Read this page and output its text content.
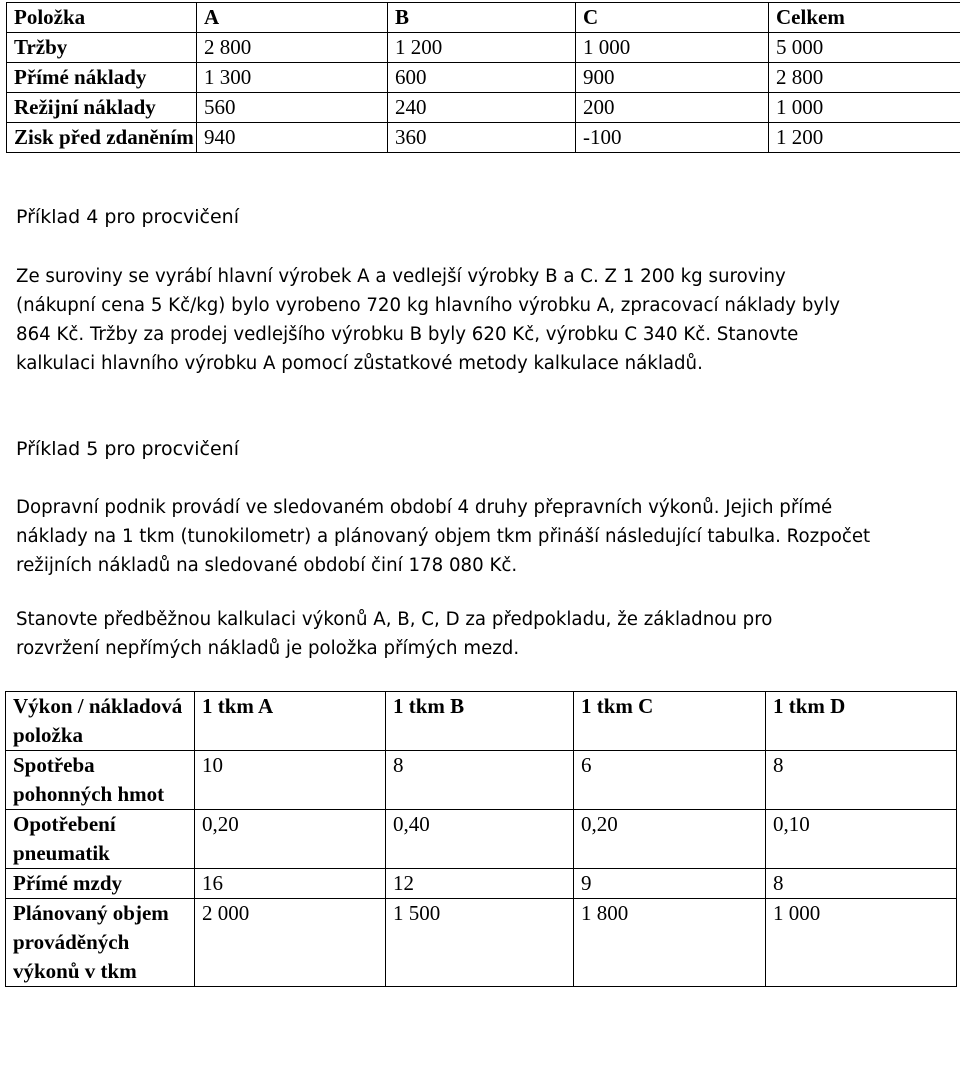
Položka	A	B	C	Celkem
Tržby	2 800	1 200	1 000	5 000
Přímé náklady	1 300	600	900	2 800
Režijní náklady	560	240	200	1 000
Zisk před zdaněním	940	360	-100	1 200
Příklad 4 pro procvičení

Ze suroviny se vyrábí hlavní výrobek A a vedlejší výrobky B a C. Z 1 200 kg suroviny
(nákupní cena 5 Kč/kg) bylo vyrobeno 720 kg hlavního výrobku A, zpracovací náklady byly
864 Kč. Tržby za prodej vedlejšího výrobku B byly 620 Kč, výrobku C 340 Kč. Stanovte
kalkulaci hlavního výrobku A pomocí zůstatkové metody kalkulace nákladů.

Příklad 5 pro procvičení

Dopravní podnik provádí ve sledovaném období 4 druhy přepravních výkonů. Jejich přímé
náklady na 1 tkm (tunokilometr) a plánovaný objem tkm přináší následující tabulka. Rozpočet
režijních nákladů na sledované období činí 178 080 Kč.

Stanovte předběžnou kalkulaci výkonů A, B, C, D za předpokladu, že základnou pro
rozvržení nepřímých nákladů je položka přímých mezd.

Výkon / nákladová položka	1 tkm A	1 tkm B	1 tkm C	1 tkm D
Spotřeba pohonných hmot	10	8	6	8
Opotřebení pneumatik	0,20	0,40	0,20	0,10
Přímé mzdy	16	12	9	8
Plánovaný objem prováděných výkonů v tkm	2 000	1 500	1 800	1 000
